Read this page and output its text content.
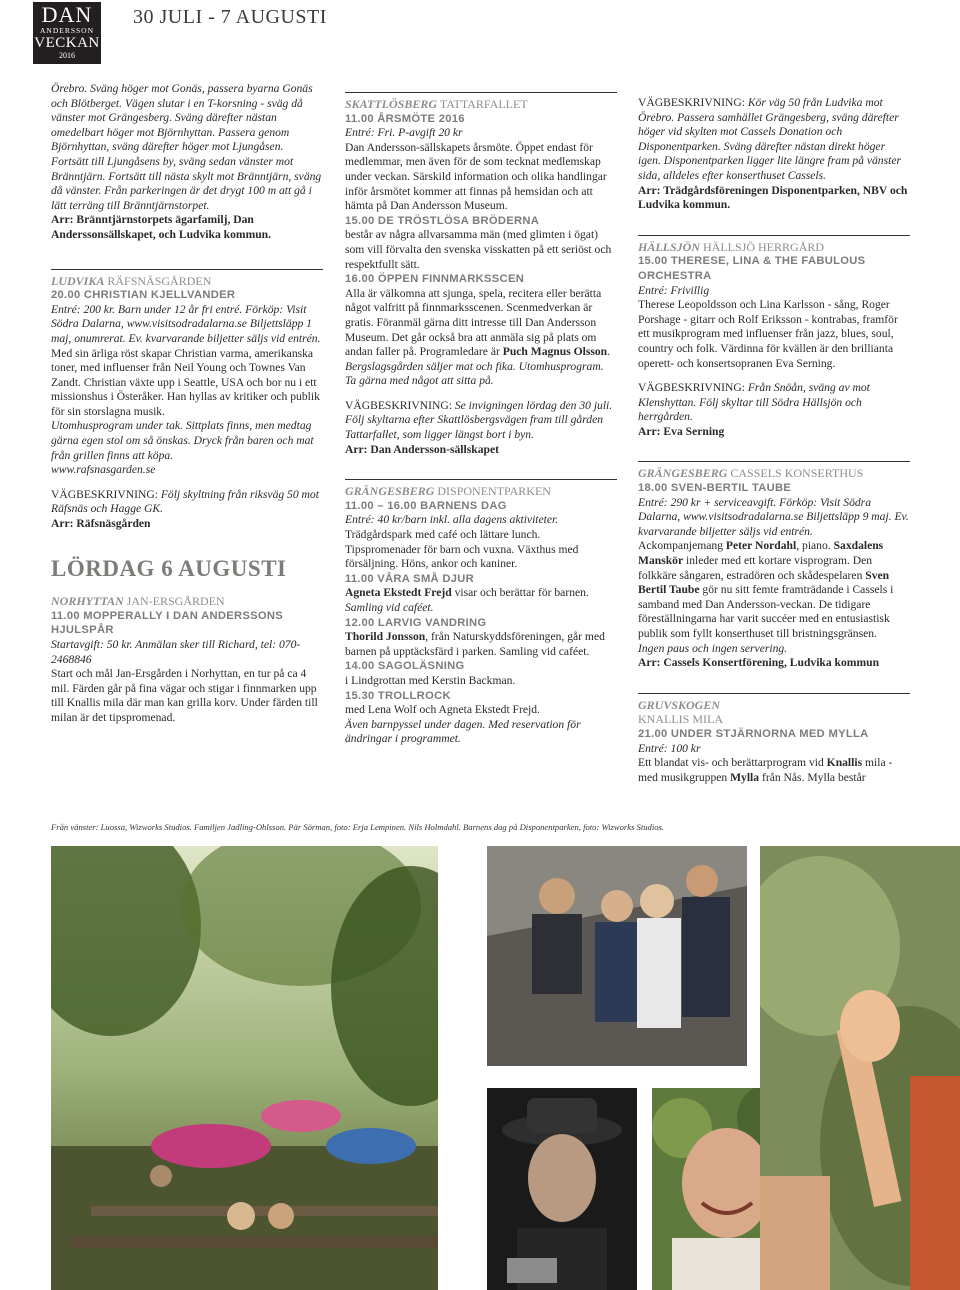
DAN
ANDERSSON
VECKAN
2016
30 JULI - 7 AUGUSTI

Örebro. Sväng höger mot Gonäs, passera byarna Gonäs och Blötberget. Vägen slutar i en T-korsning - sväg då vänster mot Grängesberg. Sväng därefter nästan omedelbart höger mot Björnhyttan. Passera genom Björnhyttan, sväng därefter höger mot Ljungåsen. Fortsätt till Ljungåsens by, sväng sedan vänster mot Bränntjärn. Fortsätt till nästa skylt mot Bränntjärn, sväng då vänster. Från parkeringen är det drygt 100 m att gå i lätt terräng till Bränntjärnstorpet.

Arr: Bränntjärnstorpets ägarfamilj, Dan Anderssonsällskapet, och Ludvika kommun.

LUDVIKA RÄFSNÄSGÅRDEN

20.00 CHRISTIAN KJELLVANDER

Entré: 200 kr. Barn under 12 år fri entré. Förköp: Visit Södra Dalarna, www.visitsodradalarna.se Biljettsläpp 1 maj, onumrerat. Ev. kvarvarande biljetter säljs vid entrén.

Med sin ärliga röst skapar Christian varma, amerikanska toner, med influenser från Neil Young och Townes Van Zandt. Christian växte upp i Seattle, USA och bor nu i ett missionshus i Österåker. Han hyllas av kritiker och publik för sin storslagna musik.

Utomhusprogram under tak. Sittplats finns, men medtag gärna egen stol om så önskas. Dryck från baren och mat från grillen finns att köpa.

www.rafsnasgarden.se

VÄGBESKRIVNING: Följ skyltning från riksväg 50 mot Räfsnäs och Hagge GK.

Arr: Räfsnäsgården

LÖRDAG 6 AUGUSTI

NORHYTTAN JAN-ERSGÅRDEN

11.00 MOPPERALLY I DAN ANDERSSONS HJULSPÅR

Startavgift: 50 kr. Anmälan sker till Richard, tel: 070-2468846

Start och mål Jan-Ersgården i Norhyttan, en tur på ca 4 mil. Färden går på fina vägar och stigar i finnmarken upp till Knallis mila där man kan grilla korv. Under färden till milan är det tipspromenad.

SKATTLÖSBERG TATTARFALLET

11.00 ÅRSMÖTE 2016

Entré: Fri. P-avgift 20 kr

Dan Andersson-sällskapets årsmöte. Öppet endast för medlemmar, men även för de som tecknat medlemskap under veckan. Särskild information och olika handlingar inför årsmötet kommer att finnas på hemsidan och att hämta på Dan Andersson Museum.

15.00 DE TRÖSTLÖSA BRÖDERNA

består av några allvarsamma män (med glimten i ögat) som vill förvalta den svenska visskatten på ett seriöst och respektfullt sätt.

16.00 ÖPPEN FINNMARKSSCEN

Alla är välkomna att sjunga, spela, recitera eller berätta något valfritt på finnmarksscenen. Scenmedverkan är gratis. Föranmäl gärna ditt intresse till Dan Andersson Museum. Det går också bra att anmäla sig på plats om andan faller på. Programledare är Puch Magnus Olsson.

Bergslagsgården säljer mat och fika. Utomhusprogram. Ta gärna med något att sitta på.

VÄGBESKRIVNING: Se invigningen lördag den 30 juli. Följ skyltarna efter Skattlösbergsvägen fram till gården Tattarfallet, som ligger längst bort i byn.

Arr: Dan Andersson-sällskapet

GRÄNGESBERG DISPONENTPARKEN

11.00 – 16.00 BARNENS DAG

Entré: 40 kr/barn inkl. alla dagens aktiviteter.

Trädgårdspark med café och lättare lunch. Tipspromenader för barn och vuxna. Växthus med försäljning. Höns, ankor och kaniner.

11.00 VÅRA SMÅ DJUR

Agneta Ekstedt Frejd visar och berättar för barnen.

Samling vid caféet.

12.00 LARVIG VANDRING

Thorild Jonsson, från Naturskyddsföreningen, går med barnen på upptäcksfärd i parken. Samling vid caféet.

14.00 SAGOLÄSNING

i Lindgrottan med Kerstin Backman.

15.30 TROLLROCK

med Lena Wolf och Agneta Ekstedt Frejd.

Även barnpyssel under dagen. Med reservation för ändringar i programmet.

VÄGBESKRIVNING: Kör väg 50 från Ludvika mot Örebro. Passera samhället Grängesberg, sväng därefter höger vid skylten mot Cassels Donation och Disponentparken. Sväng därefter nästan direkt höger igen. Disponentparken ligger lite längre fram på vänster sida, alldeles efter konserthuset Cassels.

Arr: Trädgårdsföreningen Disponentparken, NBV och Ludvika kommun.

HÄLLSJÖN HÄLLSJÖ HERRGÅRD

15.00 THERESE, LINA & THE FABULOUS ORCHESTRA

Entré: Frivillig

Therese Leopoldsson och Lina Karlsson - sång, Roger Porshage - gitarr och Rolf Eriksson - kontrabas, framför ett musikprogram med influenser från jazz, blues, soul, country och folk. Värdinna för kvällen är den brillianta operett- och konsertsopranen Eva Serning.

VÄGBESKRIVNING: Från Snöån, sväng av mot Klenshyttan. Följ skyltar till Södra Hällsjön och herrgården.

Arr: Eva Serning

GRÄNGESBERG CASSELS KONSERTHUS

18.00 SVEN-BERTIL TAUBE

Entré: 290 kr + serviceavgift. Förköp: Visit Södra Dalarna, www.visitsodradalarna.se Biljettsläpp 9 maj. Ev. kvarvarande biljetter säljs vid entrén.

Ackompanjemang Peter Nordahl, piano. Saxdalens Manskör inleder med ett kortare visprogram. Den folkkäre sångaren, estradören och skådespelaren Sven Bertil Taube gör nu sitt femte framträdande i Cassels i samband med Dan Andersson-veckan. De tidigare föreställningarna har varit succéer med en entusiastisk publik som fyllt konserthuset till bristningsgränsen.

Ingen paus och ingen servering.

Arr: Cassels Konsertförening, Ludvika kommun

GRUVSKOGEN
KNALLIS MILA

21.00 UNDER STJÄRNORNA MED MYLLA

Entré: 100 kr

Ett blandat vis- och berättarprogram vid Knallis mila - med musikgruppen Mylla från Nås. Mylla består

Från vänster: Luossa, Wizworks Studios. Familjen Jadling-Ohlsson. Pär Sörman, foto: Erja Lempinen. Nils Holmdahl. Barnens dag på Disponentparken, foto: Wizworks Studios.
